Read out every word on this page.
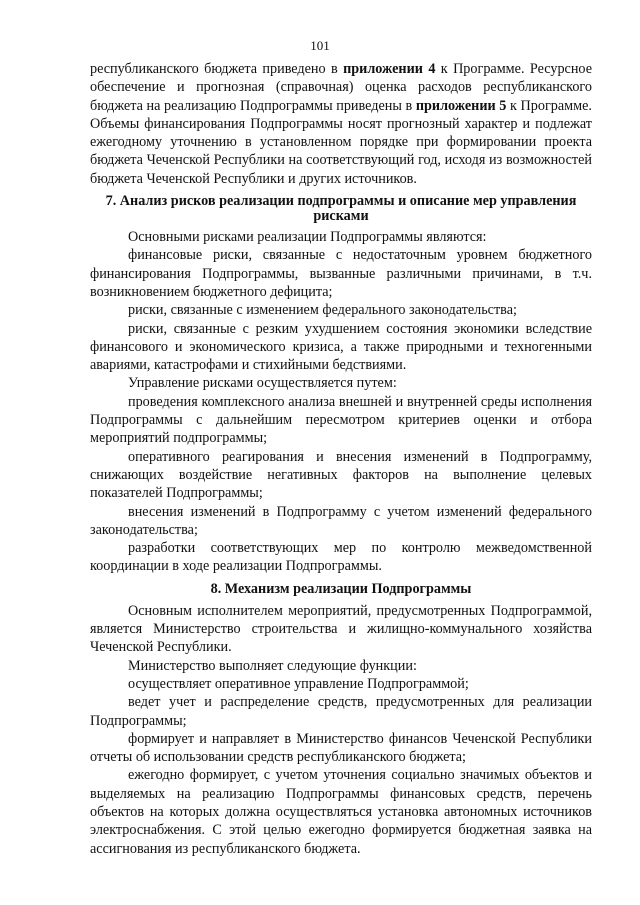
101

республиканского бюджета приведено в приложении 4 к Программе. Ресурсное обеспечение и прогнозная (справочная) оценка расходов республиканского бюджета на реализацию Подпрограммы приведены в приложении 5 к Программе. Объемы финансирования Подпрограммы носят прогнозный характер и подлежат ежегодному уточнению в установленном порядке при формировании проекта бюджета Чеченской Республики на соответствующий год, исходя из возможностей бюджета Чеченской Республики и других источников.

7. Анализ рисков реализации подпрограммы и описание мер управления рисками

Основными рисками реализации Подпрограммы являются:

финансовые риски, связанные с недостаточным уровнем бюджетного финансирования Подпрограммы, вызванные различными причинами, в т.ч. возникновением бюджетного дефицита;

риски, связанные с изменением федерального законодательства;

риски, связанные с резким ухудшением состояния экономики вследствие финансового и экономического кризиса, а также природными и техногенными авариями, катастрофами и стихийными бедствиями.

Управление рисками осуществляется путем:

проведения комплексного анализа внешней и внутренней среды исполнения Подпрограммы с дальнейшим пересмотром критериев оценки и отбора мероприятий подпрограммы;

оперативного реагирования и внесения изменений в Подпрограмму, снижающих воздействие негативных факторов на выполнение целевых показателей Подпрограммы;

внесения изменений в Подпрограмму с учетом изменений федерального законодательства;

разработки соответствующих мер по контролю межведомственной координации в ходе реализации Подпрограммы.

8. Механизм реализации Подпрограммы

Основным исполнителем мероприятий, предусмотренных Подпрограммой, является Министерство строительства и жилищно-коммунального хозяйства Чеченской Республики.

Министерство выполняет следующие функции:

осуществляет оперативное управление Подпрограммой;

ведет учет и распределение средств, предусмотренных для реализации Подпрограммы;

формирует и направляет в Министерство финансов Чеченской Республики отчеты об использовании средств республиканского бюджета;

ежегодно формирует, с учетом уточнения социально значимых объектов и выделяемых на реализацию Подпрограммы финансовых средств, перечень объектов на которых должна осуществляться установка автономных источников электроснабжения. С этой целью ежегодно формируется бюджетная заявка на ассигнования из республиканского бюджета.
